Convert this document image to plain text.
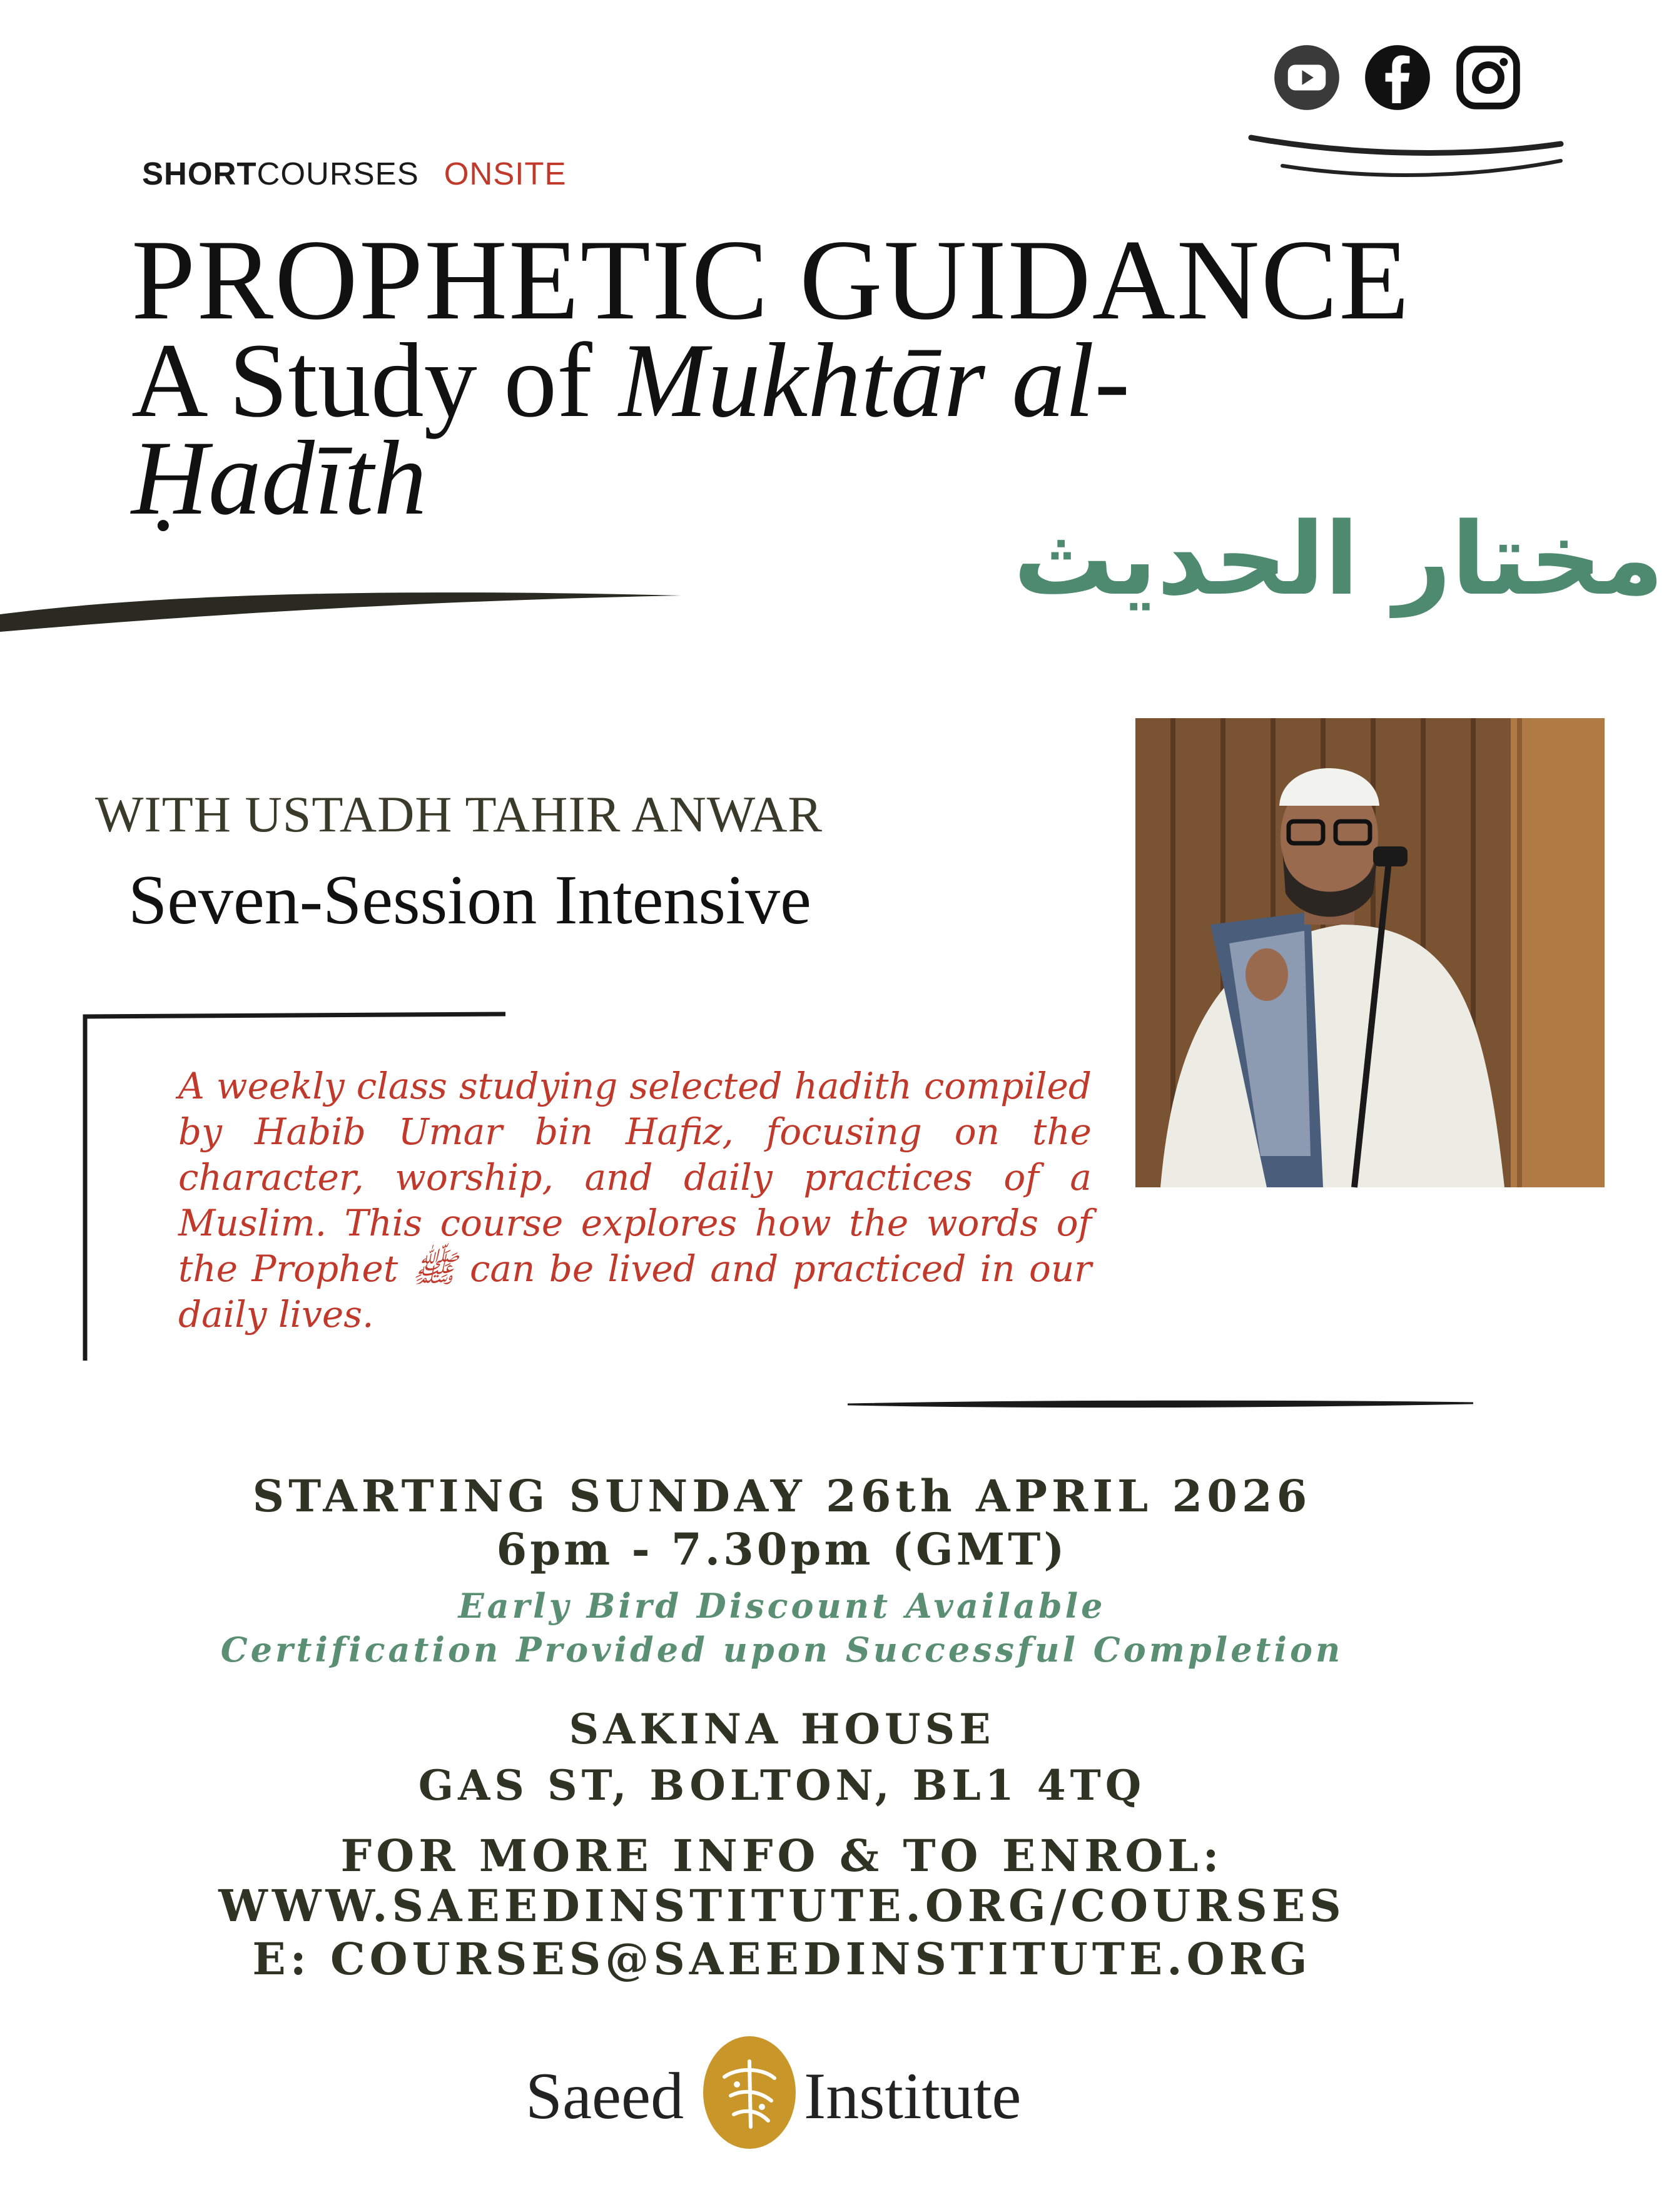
SHORTCOURSES ONSITE
PROPHETIC GUIDANCE
A Study of Mukhtār al-Ḥadīth
مختار الحديث
WITH USTADH TAHIR ANWAR
Seven-Session Intensive
A weekly class studying selected hadith compiled by Habib Umar bin Hafiz, focusing on the character, worship, and daily practices of a Muslim. This course explores how the words of the Prophet ﷺ can be lived and practiced in our daily lives.
STARTING SUNDAY 26th APRIL 2026
6pm - 7.30pm (GMT)
Early Bird Discount Available
Certification Provided upon Successful Completion
SAKINA HOUSE
GAS ST, BOLTON, BL1 4TQ
FOR MORE INFO & TO ENROL:
WWW.SAEEDINSTITUTE.ORG/COURSES
E: COURSES@SAEEDINSTITUTE.ORG
Saeed Institute
